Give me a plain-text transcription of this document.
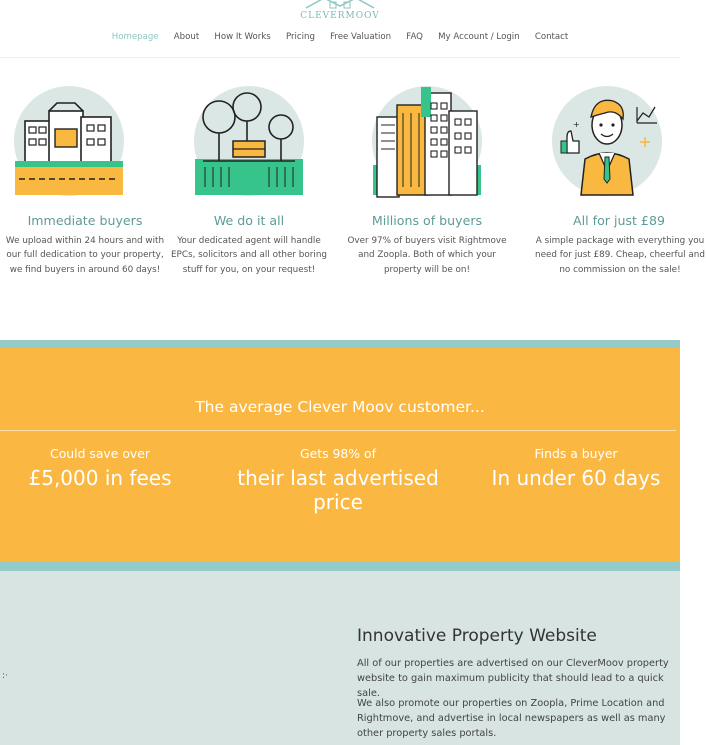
CLEVERMOOV
Homepage	About	How It Works	Pricing	Free Valuation	FAQ	My Account / Login	Contact
Immediate buyers

We upload within 24 hours and with our full dedication to your property, we find buyers in around 60 days!

We do it all

Your dedicated agent will handle EPCs, solicitors and all other boring stuff for you, on your request!

Millions of buyers

Over 97% of buyers visit Rightmove and Zoopla. Both of which your property will be on!

+
All for just £89

A simple package with everything you need for just £89. Cheap, cheerful and no commission on the sale!

The average Clever Moov customer...
Could save over
£5,000 in fees
Gets 98% of
their last advertised price
Finds a buyer
In under 60 days
:·
Innovative Property Website

All of our properties are advertised on our CleverMoov property website to gain maximum publicity that should lead to a quick sale.

We also promote our properties on Zoopla, Prime Location and Rightmove, and advertise in local newspapers as well as many other property sales portals.
